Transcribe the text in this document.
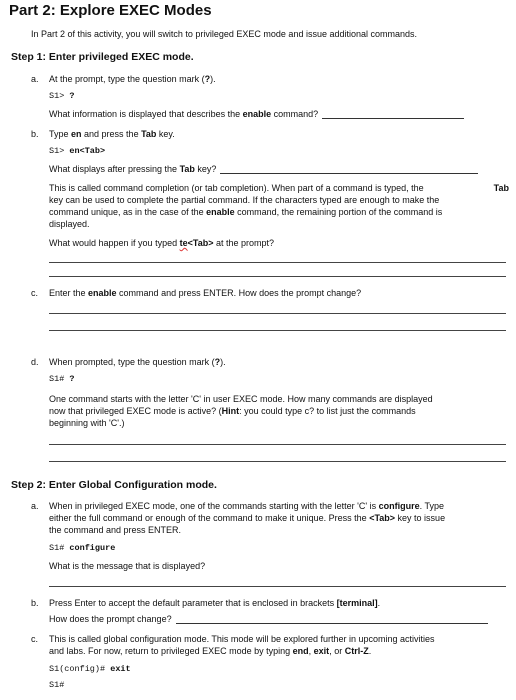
Part 2: Explore EXEC Modes
In Part 2 of this activity, you will switch to privileged EXEC mode and issue additional commands.
Step 1: Enter privileged EXEC mode.
a. At the prompt, type the question mark (?).
S1> ?
What information is displayed that describes the enable command?
b. Type en and press the Tab key.
S1> en<Tab>
What displays after pressing the Tab key?
This is called command completion (or tab completion). When part of a command is typed, the	Tab
key can be used to complete the partial command. If the characters typed are enough to make the
command unique, as in the case of the enable command, the remaining portion of the command is
displayed.
What would happen if you typed te<Tab> at the prompt?
c. Enter the enable command and press ENTER. How does the prompt change?
d. When prompted, type the question mark (?).
S1# ?
One command starts with the letter 'C' in user EXEC mode. How many commands are displayed
now that privileged EXEC mode is active? (Hint: you could type c? to list just the commands
beginning with 'C'.)
Step 2: Enter Global Configuration mode.
a. When in privileged EXEC mode, one of the commands starting with the letter 'C' is configure. Type
either the full command or enough of the command to make it unique. Press the <Tab> key to issue
the command and press ENTER.
S1# configure
What is the message that is displayed?
b. Press Enter to accept the default parameter that is enclosed in brackets [terminal].
How does the prompt change?
c. This is called global configuration mode. This mode will be explored further in upcoming activities
and labs. For now, return to privileged EXEC mode by typing end, exit, or Ctrl-Z.
S1(config)# exit
S1#
